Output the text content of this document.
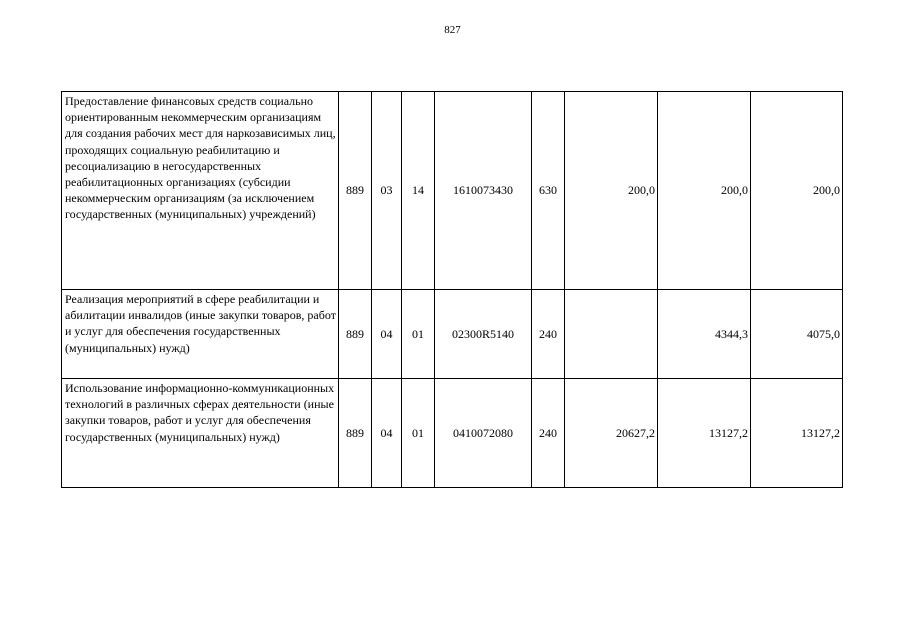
827
Предоставление финансовых средств социально ориентированным некоммерческим организациям для создания рабочих мест для наркозависимых лиц, проходящих социальную реабилитацию и ресоциализацию в негосударственных реабилитационных организациях (субсидии некоммерческим организациям (за исключением государственных (муниципальных) учреждений)	889	03	14	1610073430	630	200,0	200,0	200,0
Реализация мероприятий в сфере реабилитации и абилитации инвалидов (иные закупки товаров, работ и услуг для обеспечения государственных (муниципальных) нужд)	889	04	01	02300R5140	240		4344,3	4075,0
Использование информационно-коммуникационных технологий в различных сферах деятельности (иные закупки товаров, работ и услуг для обеспечения государственных (муниципальных) нужд)	889	04	01	0410072080	240	20627,2	13127,2	13127,2
